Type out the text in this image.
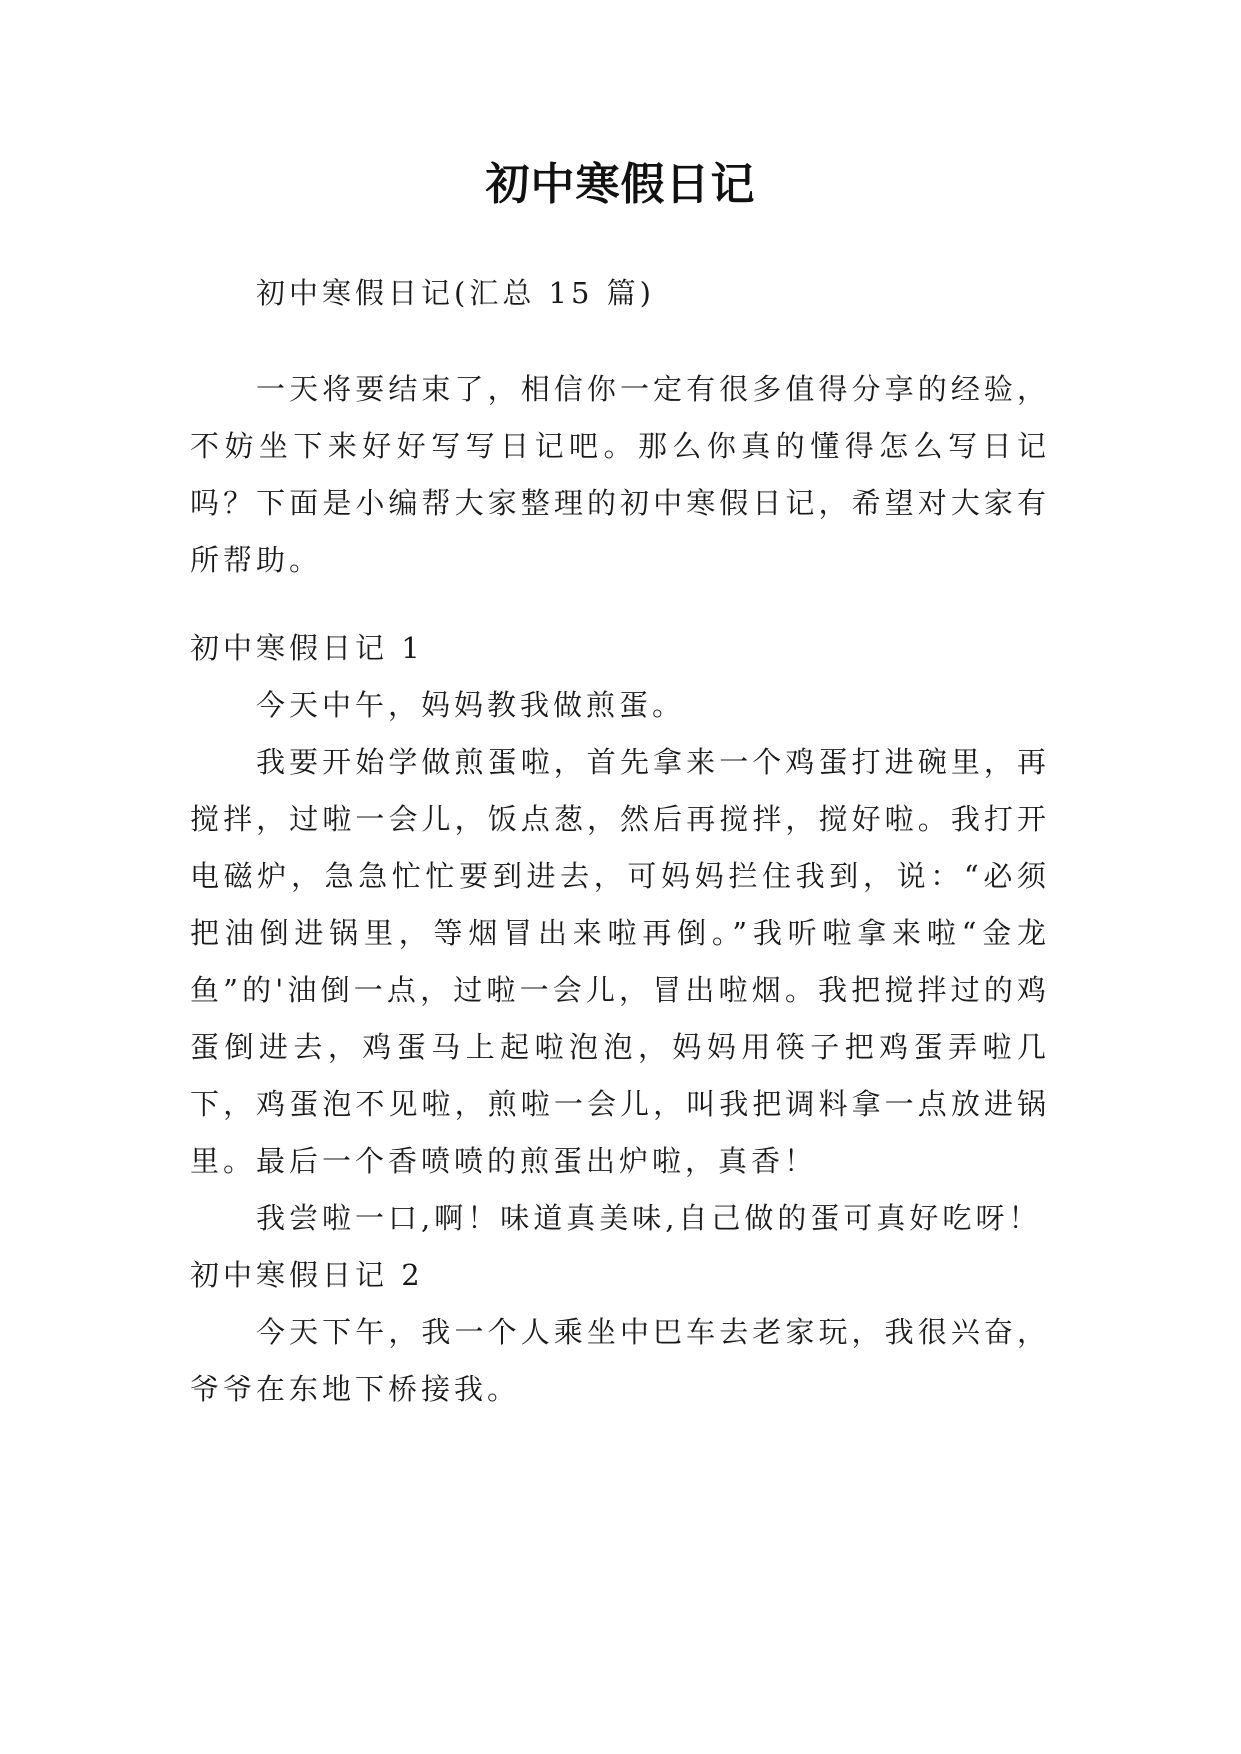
初中寒假日记

初中寒假日记(汇总 15 篇)

一天将要结束了，相信你一定有很多值得分享的经验，不妨坐下来好好写写日记吧。那么你真的懂得怎么写日记吗？下面是小编帮大家整理的初中寒假日记，希望对大家有所帮助。

初中寒假日记 1

今天中午，妈妈教我做煎蛋。

我要开始学做煎蛋啦，首先拿来一个鸡蛋打进碗里，再搅拌，过啦一会儿，饭点葱，然后再搅拌，搅好啦。我打开电磁炉，急急忙忙要到进去，可妈妈拦住我到，说：“必须把油倒进锅里，等烟冒出来啦再倒。”我听啦拿来啦“金龙鱼”的'油倒一点，过啦一会儿，冒出啦烟。我把搅拌过的鸡蛋倒进去，鸡蛋马上起啦泡泡，妈妈用筷子把鸡蛋弄啦几下，鸡蛋泡不见啦，煎啦一会儿，叫我把调料拿一点放进锅里。最后一个香喷喷的煎蛋出炉啦，真香！

我尝啦一口,啊！味道真美味,自己做的蛋可真好吃呀！

初中寒假日记 2

今天下午，我一个人乘坐中巴车去老家玩，我很兴奋，爷爷在东地下桥接我。
